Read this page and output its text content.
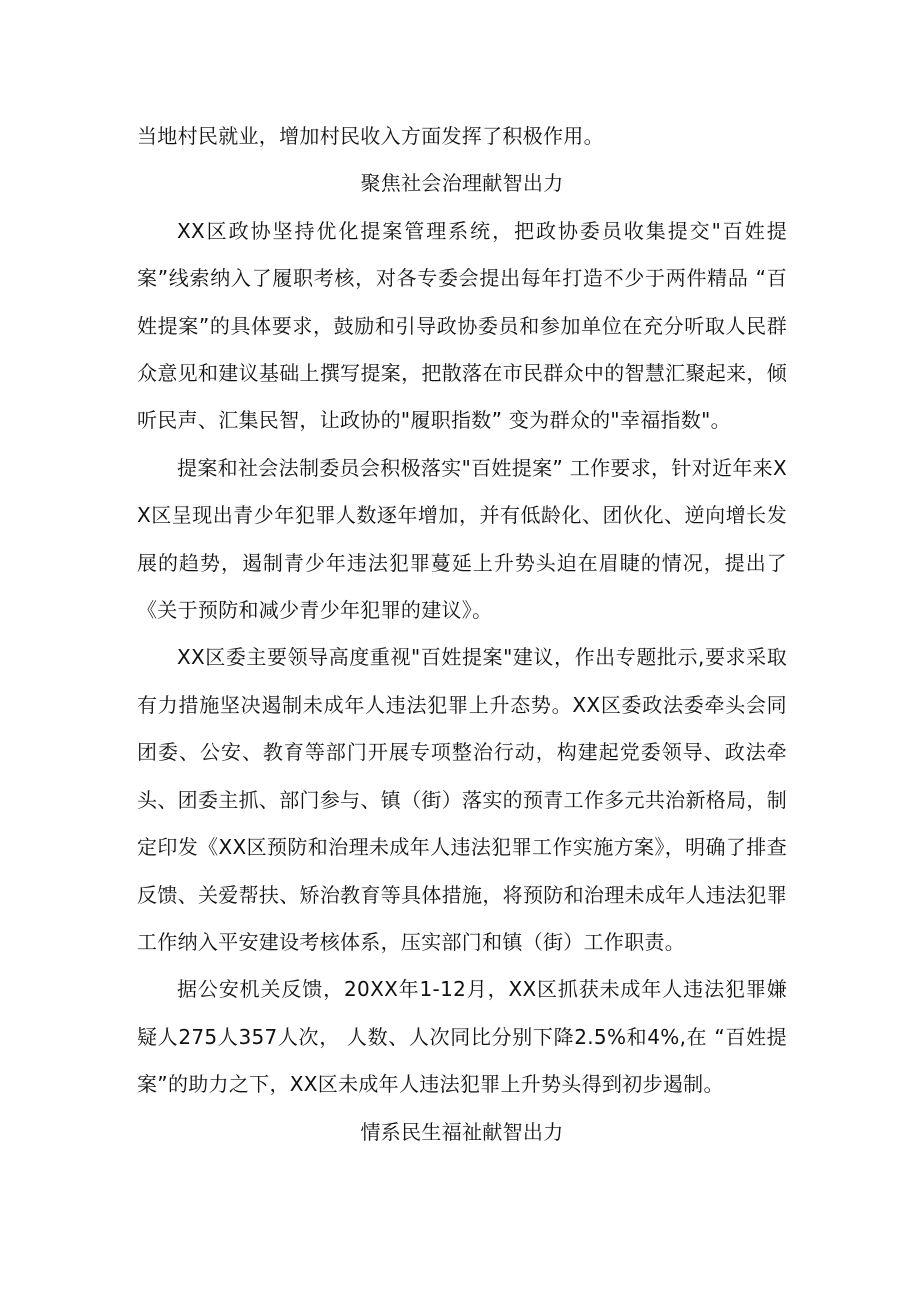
当地村民就业，增加村民收入方面发挥了积极作用。

聚焦社会治理献智出力

XX区政协坚持优化提案管理系统，把政协委员收集提交"百姓提案”线索纳入了履职考核，对各专委会提出每年打造不少于两件精品 “百姓提案”的具体要求，鼓励和引导政协委员和参加单位在充分听取人民群众意见和建议基础上撰写提案，把散落在市民群众中的智慧汇聚起来，倾听民声、汇集民智，让政协的"履职指数” 变为群众的"幸福指数"。

提案和社会法制委员会积极落实"百姓提案” 工作要求，针对近年来XX区呈现出青少年犯罪人数逐年增加，并有低龄化、团伙化、逆向增长发展的趋势，遏制青少年违法犯罪蔓延上升势头迫在眉睫的情况，提出了《关于预防和减少青少年犯罪的建议》。

XX区委主要领导高度重视"百姓提案"建议，作出专题批示,要求采取有力措施坚决遏制未成年人违法犯罪上升态势。XX区委政法委牵头会同团委、公安、教育等部门开展专项整治行动，构建起党委领导、政法牵头、团委主抓、部门参与、镇（街）落实的预青工作多元共治新格局，制定印发《XX区预防和治理未成年人违法犯罪工作实施方案》，明确了排查反馈、关爱帮扶、矫治教育等具体措施，将预防和治理未成年人违法犯罪工作纳入平安建设考核体系，压实部门和镇（街）工作职责。

据公安机关反馈，20XX年1-12月，XX区抓获未成年人违法犯罪嫌疑人275人357人次， 人数、人次同比分别下降2.5%和4%,在 “百姓提案”的助力之下，XX区未成年人违法犯罪上升势头得到初步遏制。

情系民生福祉献智出力
